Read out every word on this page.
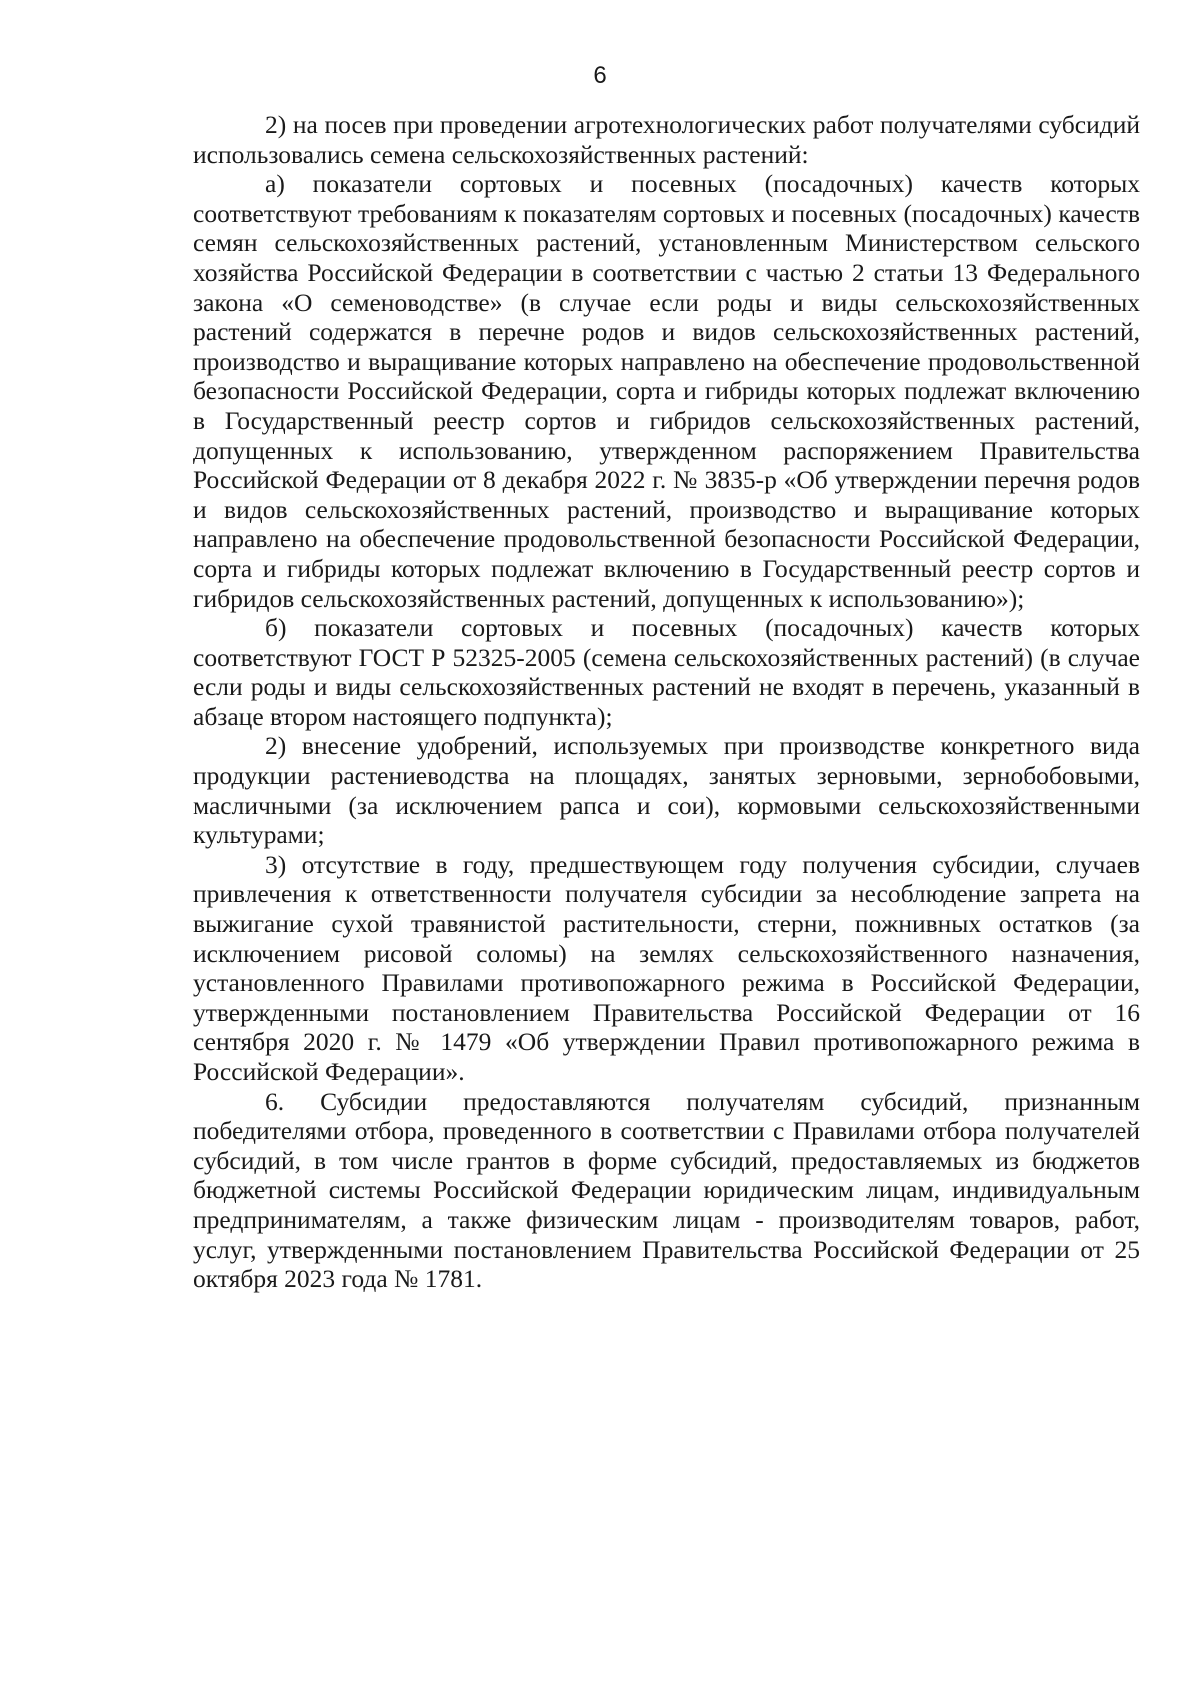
6

2) на посев при проведении агротехнологических работ получателями субсидий использовались семена сельскохозяйственных растений:

а) показатели сортовых и посевных (посадочных) качеств которых соответствуют требованиям к показателям сортовых и посевных (посадочных) качеств семян сельскохозяйственных растений, установленным Министерством сельского хозяйства Российской Федерации в соответствии с частью 2 статьи 13 Федерального закона «О семеноводстве» (в случае если роды и виды сельскохозяйственных растений содержатся в перечне родов и видов сельскохозяйственных растений, производство и выращивание которых направлено на обеспечение продовольственной безопасности Российской Федерации, сорта и гибриды которых подлежат включению в Государственный реестр сортов и гибридов сельскохозяйственных растений, допущенных к использованию, утвержденном распоряжением Правительства Российской Федерации от 8 декабря 2022 г. № 3835-р «Об утверждении перечня родов и видов сельскохозяйственных растений, производство и выращивание которых направлено на обеспечение продовольственной безопасности Российской Федерации, сорта и гибриды которых подлежат включению в Государственный реестр сортов и гибридов сельскохозяйственных растений, допущенных к использованию»);

б) показатели сортовых и посевных (посадочных) качеств которых соответствуют ГОСТ Р 52325-2005 (семена сельскохозяйственных растений) (в случае если роды и виды сельскохозяйственных растений не входят в перечень, указанный в абзаце втором настоящего подпункта);

2) внесение удобрений, используемых при производстве конкретного вида продукции растениеводства на площадях, занятых зерновыми, зернобобовыми, масличными (за исключением рапса и сои), кормовыми сельскохозяйственными культурами;

3) отсутствие в году, предшествующем году получения субсидии, случаев привлечения к ответственности получателя субсидии за несоблюдение запрета на выжигание сухой травянистой растительности, стерни, пожнивных остатков (за исключением рисовой соломы) на землях сельскохозяйственного назначения, установленного Правилами противопожарного режима в Российской Федерации, утвержденными постановлением Правительства Российской Федерации от 16 сентября 2020 г. № 1479 «Об утверждении Правил противопожарного режима в Российской Федерации».

6. Субсидии предоставляются получателям субсидий, признанным победителями отбора, проведенного в соответствии с Правилами отбора получателей субсидий, в том числе грантов в форме субсидий, предоставляемых из бюджетов бюджетной системы Российской Федерации юридическим лицам, индивидуальным предпринимателям, а также физическим лицам - производителям товаров, работ, услуг, утвержденными постановлением Правительства Российской Федерации от 25 октября 2023 года № 1781.
